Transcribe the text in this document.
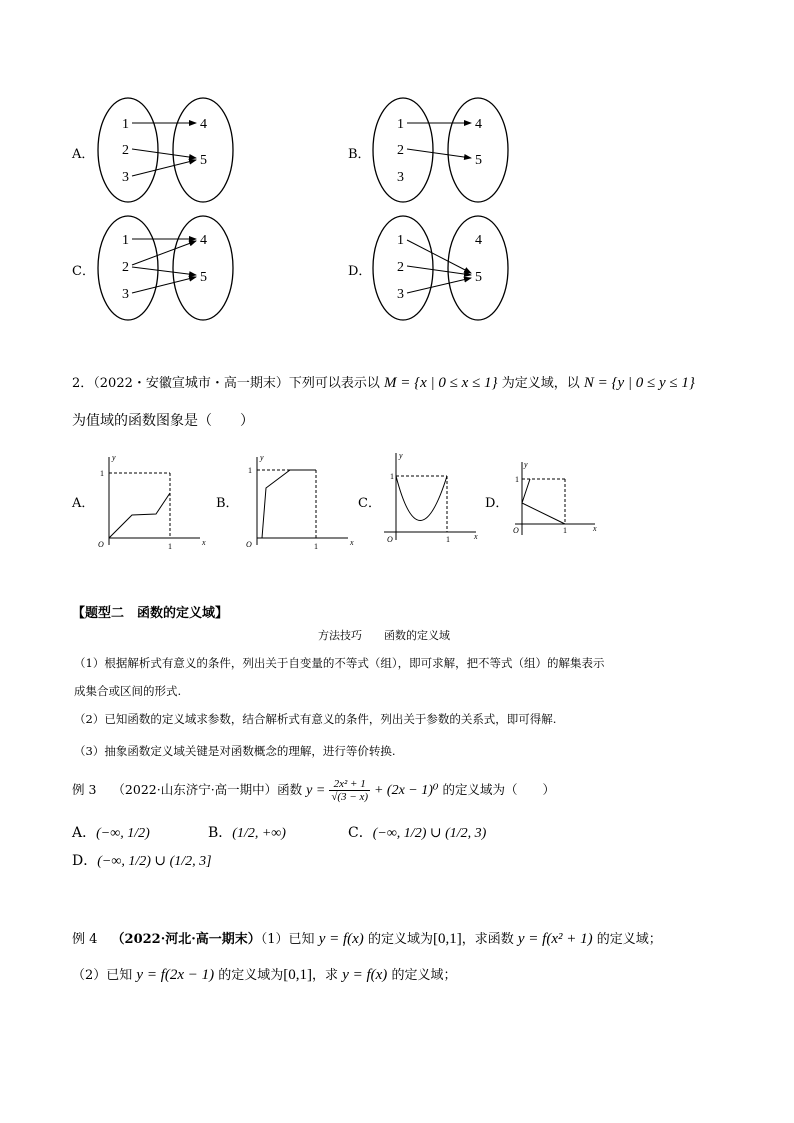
1
2
3
4
5
1
2
3
4
5
1
2
3
4
5
1
2
3
4
5
A．	B．
C．	D．
2．（2022・安徽宣城市・高一期末）下列可以表示以 M = {x | 0 ≤ x ≤ 1} 为定义域，以 N = {y | 0 ≤ y ≤ 1}
为值域的函数图象是（　　）
y
1
O	1	x
y
1
O	1	x
y
1
O	1	x
y
1
O	1	x
A．	B．	C．	D．
【题型二　函数的定义域】
方法技巧　　函数的定义域
（1）根据解析式有意义的条件，列出关于自变量的不等式（组），即可求解，把不等式（组）的解集表示
成集合或区间的形式.
（2）已知函数的定义域求参数，结合解析式有意义的条件，列出关于参数的关系式，即可得解.
（3）抽象函数定义域关键是对函数概念的理解，进行等价转换.
例 3 （2022·山东济宁·高一期中）函数 $y = \frac{\text{2x² + 1}}{√(3 - x)} + (2x - 1)^0$ 的定义域为（　　）
A．(−∞, 1/2)	B．(1/2, +∞)	C．(−∞, 1/2) ∪ (1/2, 3)
D．(−∞, 1/2) ∪ (1/2, 3]
例 4 （2022·河北·高一期末）（1）已知 y = f(x) 的定义域为[0,1]，求函数 y = f(x² + 1) 的定义域；
（2）已知 y = f(2x − 1) 的定义域为[0,1]，求 y = f(x) 的定义域；
